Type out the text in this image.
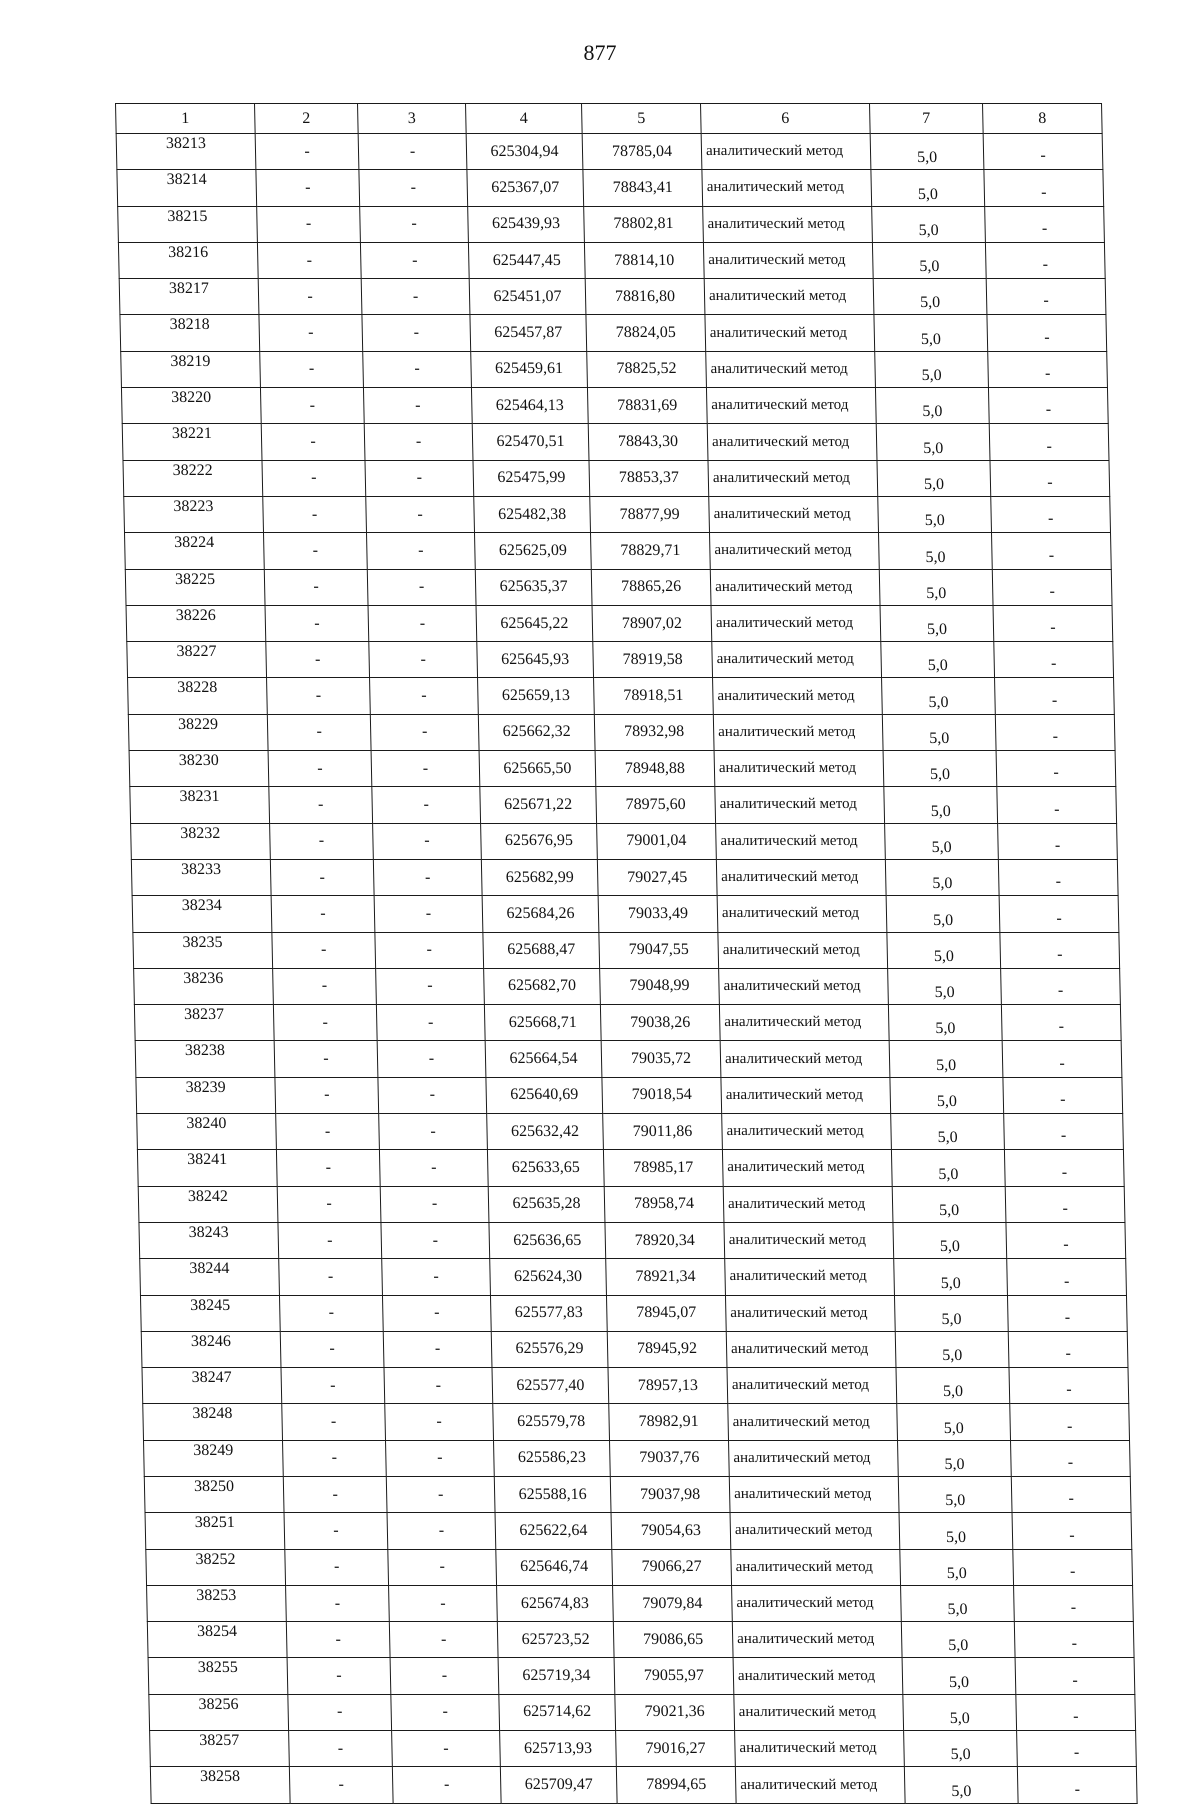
877
1	2	3	4	5	6	7	8
38213	-	-	625304,94	78785,04	аналитический метод	5,0	-
38214	-	-	625367,07	78843,41	аналитический метод	5,0	-
38215	-	-	625439,93	78802,81	аналитический метод	5,0	-
38216	-	-	625447,45	78814,10	аналитический метод	5,0	-
38217	-	-	625451,07	78816,80	аналитический метод	5,0	-
38218	-	-	625457,87	78824,05	аналитический метод	5,0	-
38219	-	-	625459,61	78825,52	аналитический метод	5,0	-
38220	-	-	625464,13	78831,69	аналитический метод	5,0	-
38221	-	-	625470,51	78843,30	аналитический метод	5,0	-
38222	-	-	625475,99	78853,37	аналитический метод	5,0	-
38223	-	-	625482,38	78877,99	аналитический метод	5,0	-
38224	-	-	625625,09	78829,71	аналитический метод	5,0	-
38225	-	-	625635,37	78865,26	аналитический метод	5,0	-
38226	-	-	625645,22	78907,02	аналитический метод	5,0	-
38227	-	-	625645,93	78919,58	аналитический метод	5,0	-
38228	-	-	625659,13	78918,51	аналитический метод	5,0	-
38229	-	-	625662,32	78932,98	аналитический метод	5,0	-
38230	-	-	625665,50	78948,88	аналитический метод	5,0	-
38231	-	-	625671,22	78975,60	аналитический метод	5,0	-
38232	-	-	625676,95	79001,04	аналитический метод	5,0	-
38233	-	-	625682,99	79027,45	аналитический метод	5,0	-
38234	-	-	625684,26	79033,49	аналитический метод	5,0	-
38235	-	-	625688,47	79047,55	аналитический метод	5,0	-
38236	-	-	625682,70	79048,99	аналитический метод	5,0	-
38237	-	-	625668,71	79038,26	аналитический метод	5,0	-
38238	-	-	625664,54	79035,72	аналитический метод	5,0	-
38239	-	-	625640,69	79018,54	аналитический метод	5,0	-
38240	-	-	625632,42	79011,86	аналитический метод	5,0	-
38241	-	-	625633,65	78985,17	аналитический метод	5,0	-
38242	-	-	625635,28	78958,74	аналитический метод	5,0	-
38243	-	-	625636,65	78920,34	аналитический метод	5,0	-
38244	-	-	625624,30	78921,34	аналитический метод	5,0	-
38245	-	-	625577,83	78945,07	аналитический метод	5,0	-
38246	-	-	625576,29	78945,92	аналитический метод	5,0	-
38247	-	-	625577,40	78957,13	аналитический метод	5,0	-
38248	-	-	625579,78	78982,91	аналитический метод	5,0	-
38249	-	-	625586,23	79037,76	аналитический метод	5,0	-
38250	-	-	625588,16	79037,98	аналитический метод	5,0	-
38251	-	-	625622,64	79054,63	аналитический метод	5,0	-
38252	-	-	625646,74	79066,27	аналитический метод	5,0	-
38253	-	-	625674,83	79079,84	аналитический метод	5,0	-
38254	-	-	625723,52	79086,65	аналитический метод	5,0	-
38255	-	-	625719,34	79055,97	аналитический метод	5,0	-
38256	-	-	625714,62	79021,36	аналитический метод	5,0	-
38257	-	-	625713,93	79016,27	аналитический метод	5,0	-
38258	-	-	625709,47	78994,65	аналитический метод	5,0	-
